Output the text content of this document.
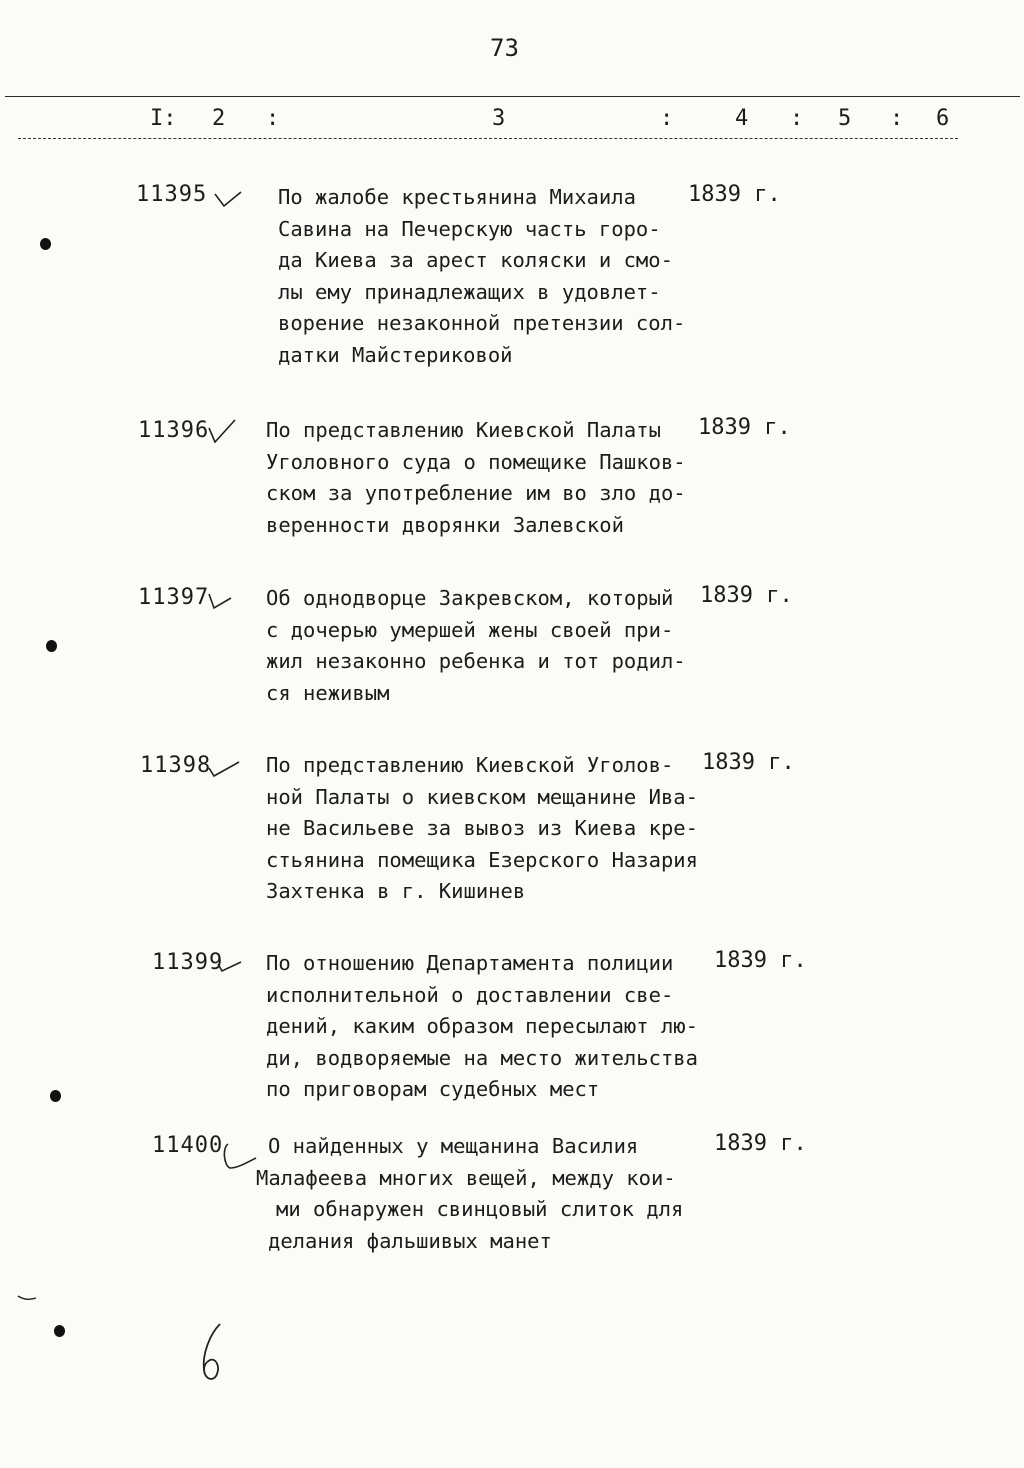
73
I: 2 :	3	:	4 : 5 : 6
11395	По жалобе крестьянина Михаила
Савина на Печерскую часть горо-
да Киева за арест коляски и смо-
лы ему принадлежащих в удовлет-
ворение незаконной претензии сол-
датки Майстериковой
1839 г.
11396	По представлению Киевской Палаты
Уголовного суда о помещике Пашков-
ском за употребление им во зло до-
веренности дворянки Залевской
1839 г.
11397	Об однодворце Закревском, который
с дочерью умершей жены своей при-
жил незаконно ребенка и тот родил-
ся неживым
1839 г.
11398	По представлению Киевской Уголов-
ной Палаты о киевском мещанине Ива-
не Васильеве за вывоз из Киева кре-
стьянина помещика Езерского Назария
Захтенка в г. Кишинев
1839 г.
11399 По отношению Департамента полиции
исполнительной о доставлении све-
дений, каким образом пересылают лю-
ди, водворяемые на место жительства
по приговорам судебных мест
1839 г.
11400	О найденных у мещанина Василия
Малафеева многих вещей, между кои-
ми обнаружен свинцовый слиток для
делания фальшивых манет
1839 г.
